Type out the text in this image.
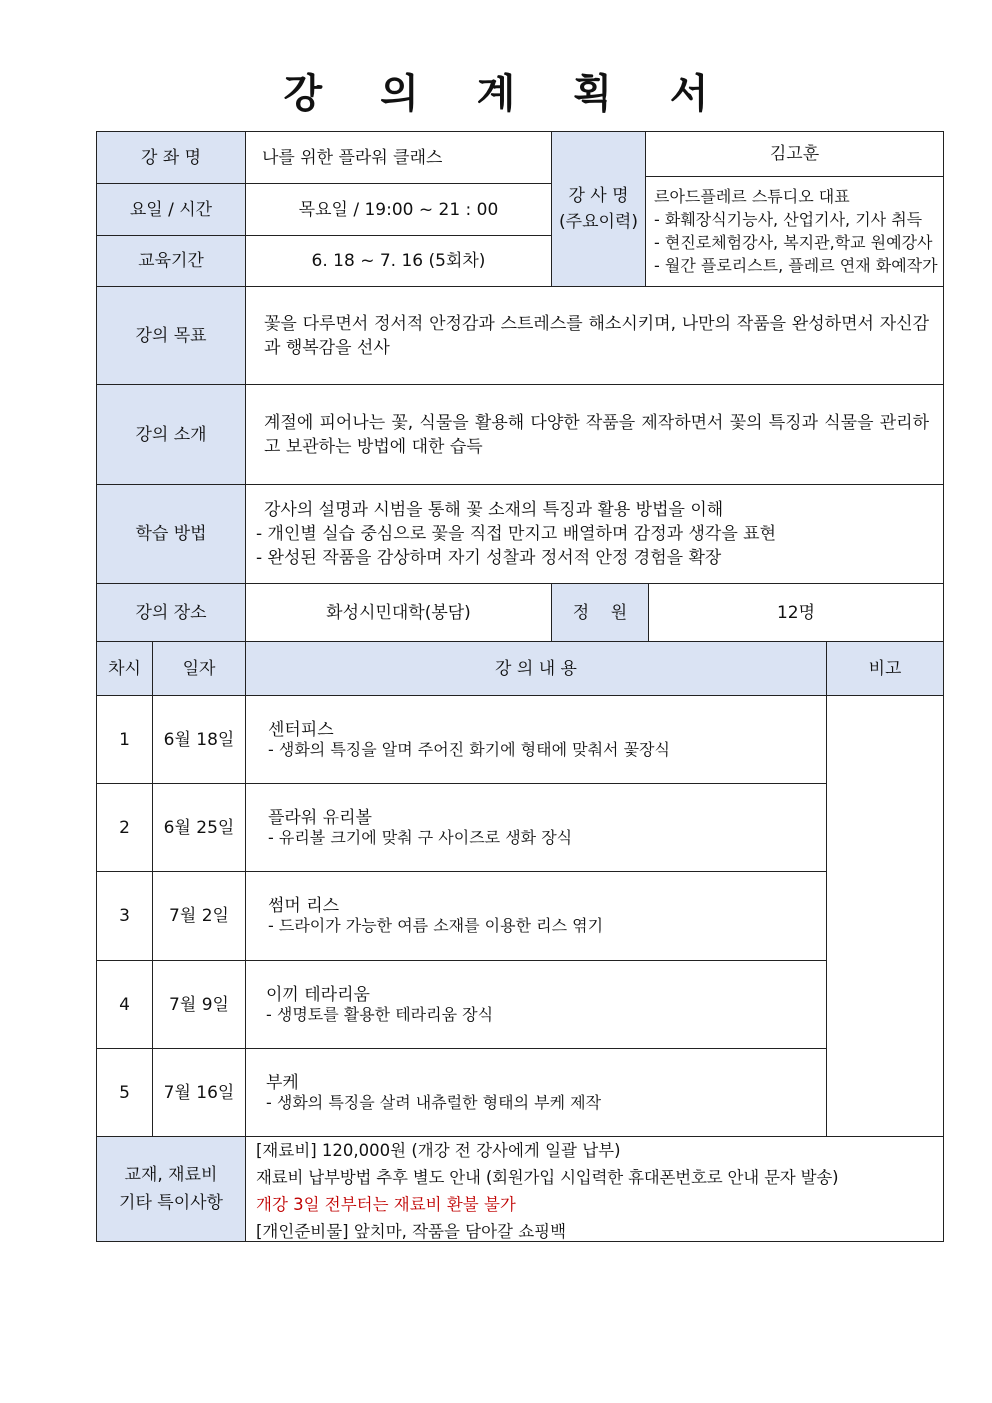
강 의 계 획 서
강 좌 명	나를 위한 플라워 클래스
요일 / 시간	목요일 / 19:00 ~ 21 : 00
교육기간	6. 18 ~ 7. 16 (5회차)
강 사 명
(주요이력)
김고훈
르아드플레르 스튜디오 대표
- 화훼장식기능사, 산업기사, 기사 취득
- 현진로체험강사, 복지관,학교 원예강사
- 월간 플로리스트, 플레르 연재 화예작가
강의 목표
꽃을 다루면서 정서적 안정감과 스트레스를 해소시키며, 나만의 작품을 완성하면서 자신감과 행복감을 선사
강의 소개
계절에 피어나는 꽃, 식물을 활용해 다양한 작품을 제작하면서 꽃의 특징과 식물을 관리하고 보관하는 방법에 대한 습득
학습 방법
강사의 설명과 시범을 통해 꽃 소재의 특징과 활용 방법을 이해
- 개인별 실습 중심으로 꽃을 직접 만지고 배열하며 감정과 생각을 표현
- 완성된 작품을 감상하며 자기 성찰과 정서적 안정 경험을 확장
강의 장소	화성시민대학(봉담)	정    원	12명
차시 일자	강 의 내 용	비고
1 6월 18일 센터피스
- 생화의 특징을 알며 주어진 화기에 형태에 맞춰서 꽃장식
2 6월 25일 플라워 유리볼
- 유리볼 크기에 맞춰 구 사이즈로 생화 장식
3 7월 2일 썸머 리스
- 드라이가 가능한 여름 소재를 이용한 리스 엮기
4 7월 9일 이끼 테라리움
- 생명토를 활용한 테라리움 장식
5 7월 16일 부케
- 생화의 특징을 살려 내츄럴한 형태의 부케 제작
교재, 재료비
기타 특이사항
[재료비] 120,000원 (개강 전 강사에게 일괄 납부)
재료비 납부방법 추후 별도 안내 (회원가입 시입력한 휴대폰번호로 안내 문자 발송)
개강 3일 전부터는 재료비 환불 불가
[개인준비물] 앞치마, 작품을 담아갈 쇼핑백
